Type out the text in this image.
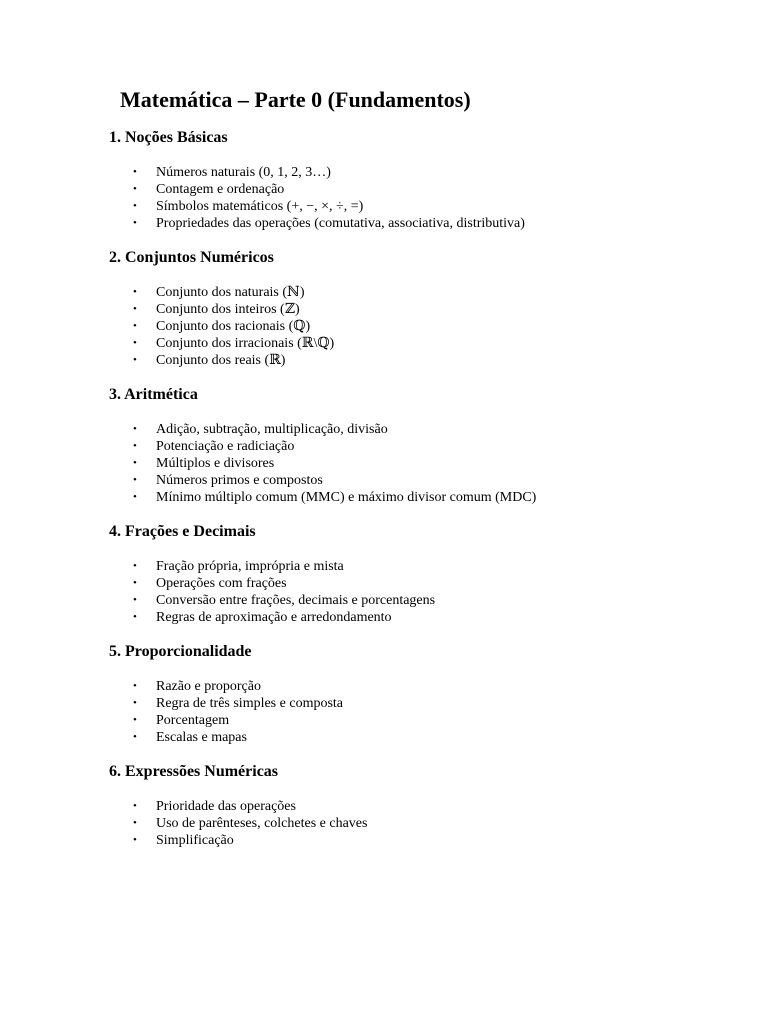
Matemática – Parte 0 (Fundamentos)
1. Noções Básicas
• Números naturais (0, 1, 2, 3…)
• Contagem e ordenação
• Símbolos matemáticos (+, −, ×, ÷, =)
• Propriedades das operações (comutativa, associativa, distributiva)
2. Conjuntos Numéricos
• Conjunto dos naturais (ℕ)
• Conjunto dos inteiros (ℤ)
• Conjunto dos racionais (ℚ)
• Conjunto dos irracionais (ℝ\ℚ)
• Conjunto dos reais (ℝ)
3. Aritmética
• Adição, subtração, multiplicação, divisão
• Potenciação e radiciação
• Múltiplos e divisores
• Números primos e compostos
• Mínimo múltiplo comum (MMC) e máximo divisor comum (MDC)
4. Frações e Decimais
• Fração própria, imprópria e mista
• Operações com frações
• Conversão entre frações, decimais e porcentagens
• Regras de aproximação e arredondamento
5. Proporcionalidade
• Razão e proporção
• Regra de três simples e composta
• Porcentagem
• Escalas e mapas
6. Expressões Numéricas
• Prioridade das operações
• Uso de parênteses, colchetes e chaves
• Simplificação
